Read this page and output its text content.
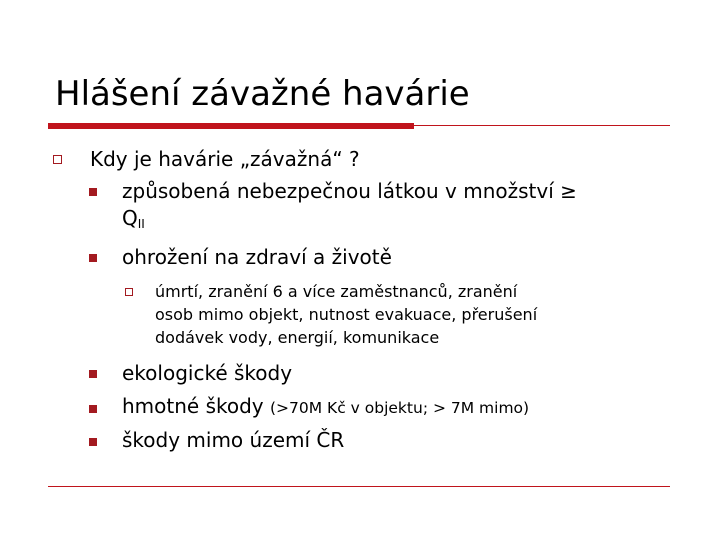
Hlášení závažné havárie
Kdy je havárie „závažná“ ?
způsobená nebezpečnou látkou v množství ≥
$Q_{II}$
ohrožení na zdraví a životě
úmrtí, zranění 6 a více zaměstnanců, zranění
osob mimo objekt, nutnost evakuace, přerušení
dodávek vody, energií, komunikace
ekologické škody
hmotné škody (>70M Kč v objektu; > 7M mimo)
škody mimo území ČR
